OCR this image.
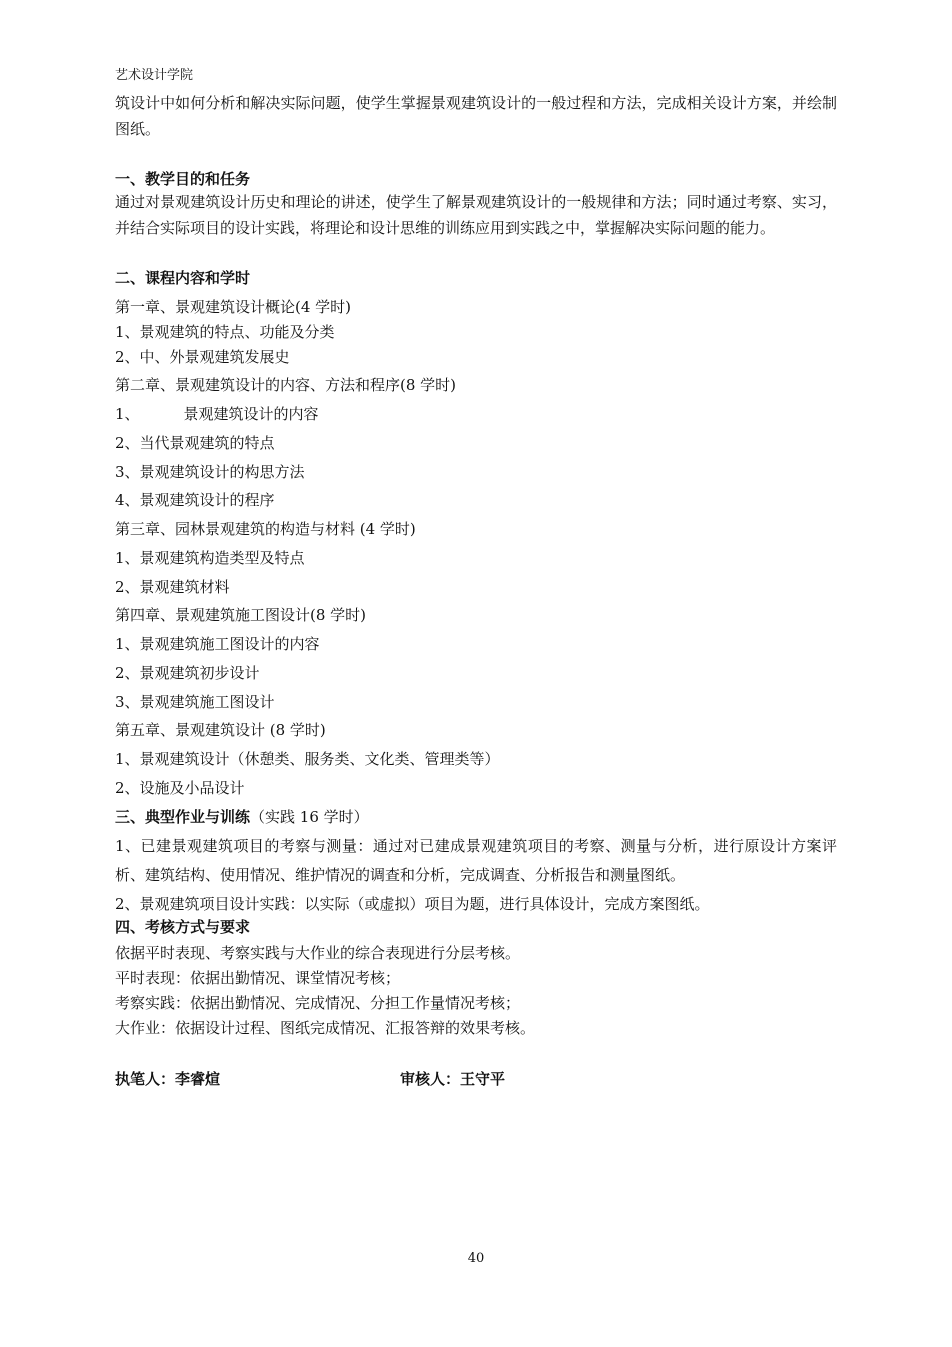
艺术设计学院
筑设计中如何分析和解决实际问题，使学生掌握景观建筑设计的一般过程和方法，完成相关设计方案，并绘制图纸。
一、教学目的和任务
通过对景观建筑设计历史和理论的讲述，使学生了解景观建筑设计的一般规律和方法；同时通过考察、实习，并结合实际项目的设计实践，将理论和设计思维的训练应用到实践之中，掌握解决实际问题的能力。
二、课程内容和学时
第一章、景观建筑设计概论(4 学时)
1、景观建筑的特点、功能及分类
2、中、外景观建筑发展史
第二章、景观建筑设计的内容、方法和程序(8 学时)
1、	景观建筑设计的内容
2、当代景观建筑的特点
3、景观建筑设计的构思方法
4、景观建筑设计的程序
第三章、园林景观建筑的构造与材料 (4 学时)
1、景观建筑构造类型及特点
2、景观建筑材料
第四章、景观建筑施工图设计(8 学时)
1、景观建筑施工图设计的内容
2、景观建筑初步设计
3、景观建筑施工图设计
第五章、景观建筑设计 (8 学时)
1、景观建筑设计（休憩类、服务类、文化类、管理类等）
2、设施及小品设计
三、典型作业与训练（实践 16 学时）
1、已建景观建筑项目的考察与测量：通过对已建成景观建筑项目的考察、测量与分析，进行原设计方案评析、建筑结构、使用情况、维护情况的调查和分析，完成调查、分析报告和测量图纸。
2、景观建筑项目设计实践：以实际（或虚拟）项目为题，进行具体设计，完成方案图纸。
四、考核方式与要求
依据平时表现、考察实践与大作业的综合表现进行分层考核。
平时表现：依据出勤情况、课堂情况考核；
考察实践：依据出勤情况、完成情况、分担工作量情况考核；
大作业：依据设计过程、图纸完成情况、汇报答辩的效果考核。
执笔人：李睿煊	审核人：王守平
40
